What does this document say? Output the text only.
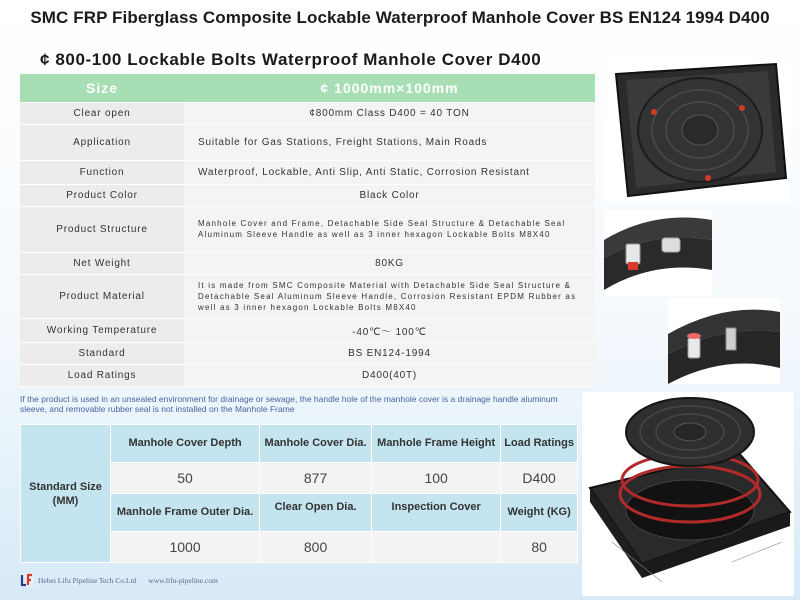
SMC FRP Fiberglass Composite Lockable Waterproof Manhole Cover BS EN124 1994 D400
¢ 800-100 Lockable Bolts Waterproof Manhole Cover D400
Size	¢ 1000mm×100mm
Clear open	¢800mm Class D400 = 40 TON
Application	Suitable for Gas Stations, Freight Stations, Main Roads
Function	Waterproof, Lockable, Anti Slip, Anti Static, Corrosion Resistant
Product Color	Black Color
Product Structure	Manhole Cover and Frame, Detachable Side Seal Structure & Detachable Seal Aluminum Sleeve Handle as well as 3 inner hexagon Lockable Bolts M8X40
Net Weight	80KG
Product Material	It is made from SMC Composite Material with Detachable Side Seal Structure & Detachable Seal Aluminum Sleeve Handle, Corrosion Resistant EPDM Rubber as well as 3 inner hexagon Lockable Bolts M8X40
Working Temperature	-40℃～ 100℃
Standard	BS EN124-1994
Load Ratings	D400(40T)
If the product is used in an unsealed environment for drainage or sewage, the handle hole of the manhole cover is a drainage handle aluminum sleeve, and removable rubber seal is not installed on the Manhole Frame
Standard Size (MM)	Manhole Cover Depth	Manhole Cover Dia.	Manhole Frame Height	Load Ratings
	50	877	100	D400
	Manhole Frame Outer Dia.	Clear Open Dia.	Inspection Cover	Weight (KG)
	1000	800		80
Hebei Lifu Pipeline Tech Co.Ltd www.lifu-pipeline.com
